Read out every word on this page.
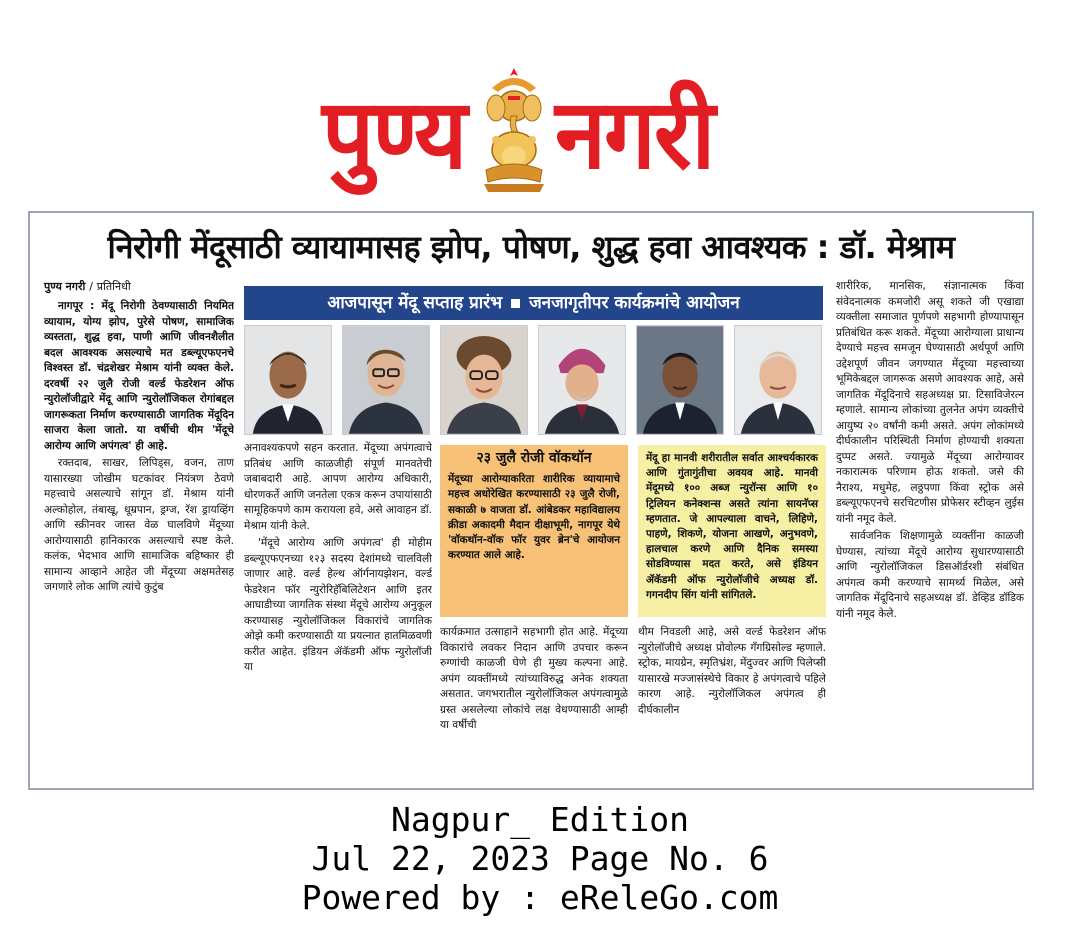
पुण्य नगरी
निरोगी मेंदूसाठी व्यायामासह झोप, पोषण, शुद्ध हवा आवश्यक : डॉ. मेश्राम
पुण्य नगरी / प्रतिनिधी
आजपासून मेंदू सप्ताह प्रारंभ जनजागृतीपर कार्यक्रमांचे आयोजन

नागपूर : मेंदू निरोगी ठेवण्यासाठी नियमित व्यायाम, योग्य झोप, पुरेसे पोषण, सामाजिक व्यस्तता, शुद्ध हवा, पाणी आणि जीवनशैलीत बदल आवश्यक असल्याचे मत डब्ल्यूएफएनचे विश्वस्त डॉ. चंद्रशेखर मेश्राम यांनी व्यक्त केले. दरवर्षी २२ जुलै रोजी वर्ल्ड फेडरेशन ऑफ न्युरोलॉजीद्वारे मेंदू आणि न्युरोलॉजिकल रोगांबद्दल जागरूकता निर्माण करण्यासाठी जागतिक मेंदूदिन साजरा केला जातो. या वर्षीची थीम 'मेंदूचे आरोग्य आणि अपंगत्व' ही आहे.

रक्तदाब, साखर, लिपिड्स, वजन, ताण यासारख्या जोखीम घटकांवर नियंत्रण ठेवणे महत्त्वाचे असल्याचे सांगून डॉ. मेश्राम यांनी अल्कोहोल, तंबाखू, धूम्रपान, ड्रग्ज, रॅश ड्रायव्हिंग आणि स्क्रीनवर जास्त वेळ घालविणे मेंदूच्या आरोग्यासाठी हानिकारक असल्याचे स्पष्ट केले. कलंक, भेदभाव आणि सामाजिक बहिष्कार ही सामान्य आव्हाने आहेत जी मेंदूच्या अक्षमतेसह जगणारे लोक आणि त्यांचे कुटुंब

अनावश्यकपणे सहन करतात. मेंदूच्या अपंगत्वाचे प्रतिबंध आणि काळजीही संपूर्ण मानवतेची जबाबदारी आहे. आपण आरोग्य अधिकारी, धोरणकर्ते आणि जनतेला एकत्र करून उपायांसाठी सामूहिकपणे काम करायला हवे, असे आवाहन डॉ. मेश्राम यांनी केले.

'मेंदूचे आरोग्य आणि अपंगत्व' ही मोहीम डब्ल्यूएफएनच्या १२३ सदस्य देशांमध्ये चालविली जाणार आहे. वर्ल्ड हेल्थ ऑर्गनायझेशन, वर्ल्ड फेडरेशन फॉर न्युरोरिहॅबिलिटेशन आणि इतर आघाडीच्या जागतिक संस्था मेंदूचे आरोग्य अनुकूल करण्यासह न्युरोलॉजिकल विकारांचे जागतिक ओझे कमी करण्यासाठी या प्रयत्नात हातमिळवणी करीत आहेत. इंडियन ॲकॅडमी ऑफ न्युरोलॉजी या

२३ जुलै रोजी वॉकथॉन
मेंदूच्या आरोग्याकरिता शारीरिक व्यायामाचे महत्त्व अधोरेखित करण्यासाठी २३ जुलै रोजी, सकाळी ७ वाजता डॉ. आंबेडकर महाविद्यालय क्रीडा अकादमी मैदान दीक्षाभूमी, नागपूर येथे 'वॉकथॉन-वॉक फॉर युवर ब्रेन'चे आयोजन करण्यात आले आहे.
मेंदू हा मानवी शरीरातील सर्वात आश्चर्यकारक आणि गुंतागुंतीचा अवयव आहे. मानवी मेंदूमध्ये १०० अब्ज न्युरॉन्स आणि १० ट्रिलियन कनेक्शन्स असते त्यांना सायनॅप्स म्हणतात. जे आपल्याला वाचने, लिहिणे, पाहणे, शिकणे, योजना आखणे, अनुभवणे, हालचाल करणे आणि दैनिक समस्या सोडविण्यास मदत करते, असे इंडियन ॲकॅडमी ऑफ न्युरोलॉजीचे अध्यक्ष डॉ. गगनदीप सिंग यांनी सांगितले.

कार्यक्रमात उत्साहाने सहभागी होत आहे. मेंदूच्या विकारांचे लवकर निदान आणि उपचार करून रुग्णांची काळजी घेणे ही मुख्य कल्पना आहे. अपंग व्यक्तींमध्ये त्यांच्याविरुद्ध अनेक शक्यता असतात. जगभरातील न्युरोलॉजिकल अपंगत्वामुळे ग्रस्त असलेल्या लोकांचे लक्ष वेधण्यासाठी आम्ही या वर्षीची

थीम निवडली आहे, असे वर्ल्ड फेडरेशन ऑफ न्युरोलॉजीचे अध्यक्ष प्रोवोल्फ गँगग्रिसोल्ड म्हणाले. स्ट्रोक, मायग्रेन, स्मृतिभ्रंश, मेंदुज्वर आणि पिलेप्सी यासारखे मज्जासंस्थेचे विकार हे अपंगत्वाचे पहिले कारण आहे. न्युरोलॉजिकल अपंगत्व ही दीर्घकालीन

शारीरिक, मानसिक, संज्ञानात्मक किंवा संवेदनात्मक कमजोरी असू शकते जी एखाद्या व्यक्तीला समाजात पूर्णपणे सहभागी होण्यापासून प्रतिबंधित करू शकते. मेंदूच्या आरोग्याला प्राधान्य देण्याचे महत्त्व समजून घेण्यासाठी अर्थपूर्ण आणि उद्देशपूर्ण जीवन जगण्यात मेंदूच्या महत्त्वाच्या भूमिकेबद्दल जागरूक असणे आवश्यक आहे, असे जागतिक मेंदूदिनाचे सहअध्यक्ष प्रा. टिसाविजेरत्न म्हणाले. सामान्य लोकांच्या तुलनेत अपंग व्यक्तीचे आयुष्य २० वर्षांनी कमी असते. अपंग लोकांमध्ये दीर्घकालीन परिस्थिती निर्माण होण्याची शक्यता दुप्पट असते. ज्यामुळे मेंदूच्या आरोग्यावर नकारात्मक परिणाम होऊ शकतो. जसे की नैराश्य, मधुमेह, लठ्ठपणा किंवा स्ट्रोक असे डब्ल्यूएफएनचे सरचिटणीस प्रोफेसर स्टीव्हन लुईस यांनी नमूद केले.

सार्वजनिक शिक्षणामुळे व्यक्तींना काळजी घेण्यास, त्यांच्या मेंदूचे आरोग्य सुधारण्यासाठी आणि न्युरोलॉजिकल डिसऑर्डरशी संबंधित अपंगत्व कमी करण्याचे सामर्थ्य मिळेल, असे जागतिक मेंदूदिनाचे सहअध्यक्ष डॉ. डेव्हिड डॉडिक यांनी नमूद केले.

Nagpur_ Edition
Jul 22, 2023 Page No. 6
Powered by : eReleGo.com
